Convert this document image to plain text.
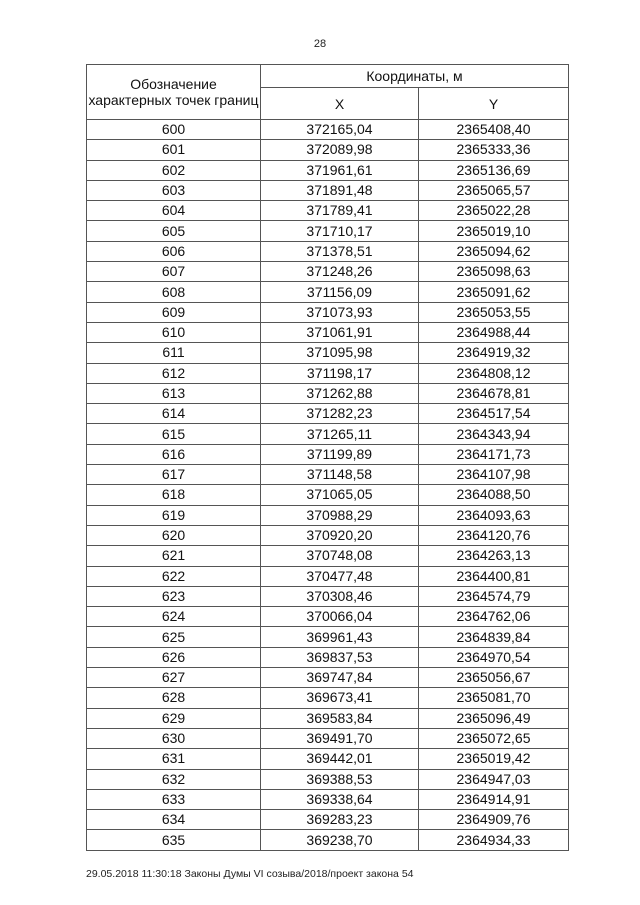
28
Обозначение характерных точек границ	Координаты, м	
	X	Y
600	372165,04	2365408,40
601	372089,98	2365333,36
602	371961,61	2365136,69
603	371891,48	2365065,57
604	371789,41	2365022,28
605	371710,17	2365019,10
606	371378,51	2365094,62
607	371248,26	2365098,63
608	371156,09	2365091,62
609	371073,93	2365053,55
610	371061,91	2364988,44
611	371095,98	2364919,32
612	371198,17	2364808,12
613	371262,88	2364678,81
614	371282,23	2364517,54
615	371265,11	2364343,94
616	371199,89	2364171,73
617	371148,58	2364107,98
618	371065,05	2364088,50
619	370988,29	2364093,63
620	370920,20	2364120,76
621	370748,08	2364263,13
622	370477,48	2364400,81
623	370308,46	2364574,79
624	370066,04	2364762,06
625	369961,43	2364839,84
626	369837,53	2364970,54
627	369747,84	2365056,67
628	369673,41	2365081,70
629	369583,84	2365096,49
630	369491,70	2365072,65
631	369442,01	2365019,42
632	369388,53	2364947,03
633	369338,64	2364914,91
634	369283,23	2364909,76
635	369238,70	2364934,33
29.05.2018 11:30:18 Законы Думы VI созыва/2018/проект закона 54
